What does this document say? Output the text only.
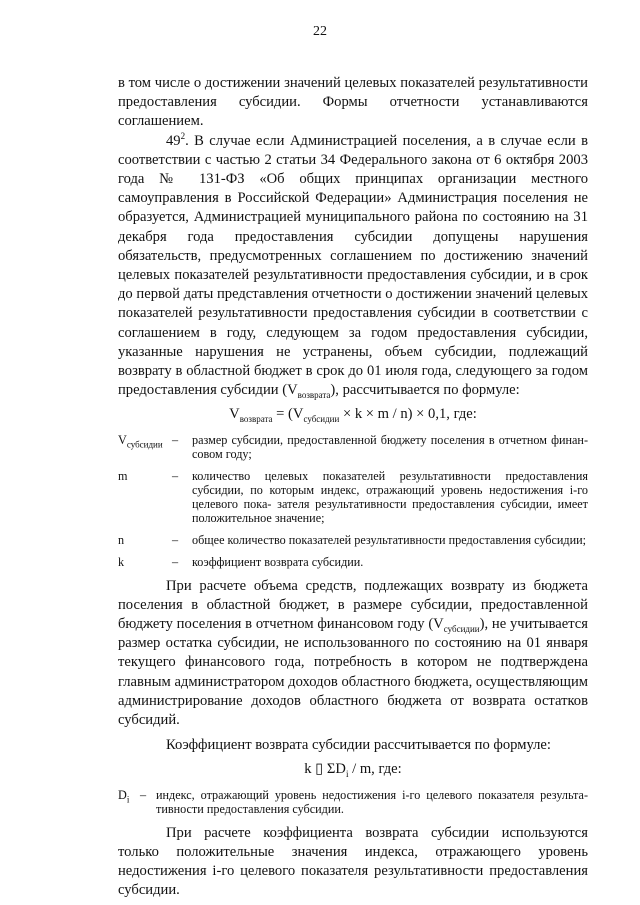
22

в том числе о достижении значений целевых показателей результативности предоставления субсидии. Формы отчетности устанавливаются соглашением.

$49^2$. В случае если Администрацией поселения, а в случае если в соответствии с частью 2 статьи 34 Федерального закона от 6 октября 2003 года № 131-ФЗ «Об общих принципах организации местного самоуправления в Российской Федерации» Администрация поселения не образуется, Администрацией муниципального района по состоянию на 31 декабря года предоставления субсидии допущены нарушения обязательств, предусмотренных соглашением по достижению значений целевых показателей результативности предоставления субсидии, и в срок до первой даты представления отчетности о достижении значений целевых показателей результативности предоставления субсидии в соответствии с соглашением в году, следующем за годом предоставления субсидии, указанные нарушения не устранены, объем субсидии, подлежащий возврату в областной бюджет в срок до 01 июля года, следующего за годом предоставления субсидии $(V_{возврата})$, рассчитывается по формуле:

$V_{возврата} = (V_{субсидии} \times k \times m / n) \times 0,1$, где:
$V_{субсидии}$ –	размер субсидии, предоставленной бюджету поселения в отчетном финан- совом году;
m	–	количество целевых показателей результативности предоставления субсидии, по которым индекс, отражающий уровень недостижения i-го целевого пока- зателя результативности предоставления субсидии, имеет положительное значение;
n	–	общее количество показателей результативности предоставления субсидии;
k	–	коэффициент возврата субсидии.

При расчете объема средств, подлежащих возврату из бюджета поселения в областной бюджет, в размере субсидии, предоставленной бюджету поселения в отчетном финансовом году $(V_{субсидии})$, не учитывается размер остатка субсидии, не использованного по состоянию на 01 января текущего финансового года, потребность в котором не подтверждена главным администратором доходов областного бюджета, осуществляющим администрирование доходов областного бюджета от возврата остатков субсидий.

Коэффициент возврата субсидии рассчитывается по формуле:

k ▯ $\Sigma D_i$ / m, где:
$D_i$ – индекс, отражающий уровень недостижения i-го целевого показателя результа- тивности предоставления субсидии.

При расчете коэффициента возврата субсидии используются только положительные значения индекса, отражающего уровень недостижения i-го целевого показателя результативности предоставления субсидии.
